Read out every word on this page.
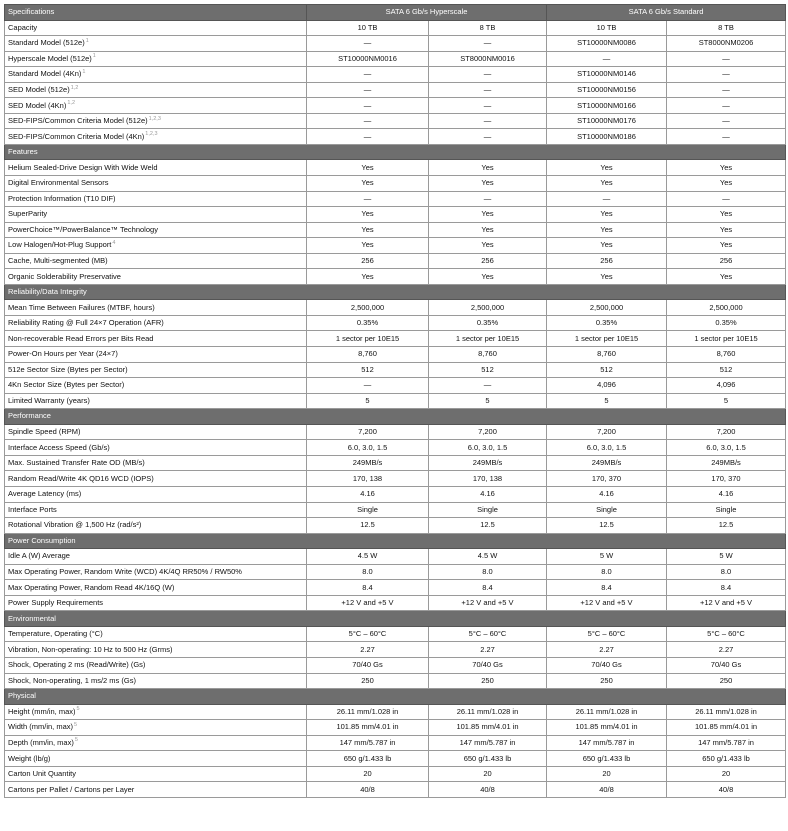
Specifications	SATA 6 Gb/s Hyperscale		SATA 6 Gb/s Standard	
Capacity	10 TB	8 TB	10 TB	8 TB
Standard Model $(512e)^1$	—	—	ST10000NM0086	ST8000NM0206
Hyperscale Model $(512e)^1$	ST10000NM0016	ST8000NM0016	—	—
Standard Model $(4Kn)^1$	—	—	ST10000NM0146	—
SED Model $(512e)^{1,2}$	—	—	ST10000NM0156	—
SED Model $(4Kn)^{1,2}$	—	—	ST10000NM0166	—
SED-FIPS/Common Criteria Model $(512e)^{1,2,3}$	—	—	ST10000NM0176	—
SED-FIPS/Common Criteria Model $(4Kn)^{1,2,3}$	—	—	ST10000NM0186	—
Features				
Helium Sealed-Drive Design With Wide Weld	Yes	Yes	Yes	Yes
Digital Environmental Sensors	Yes	Yes	Yes	Yes
Protection Information (T10 DIF)	—	—	—	—
SuperParity	Yes	Yes	Yes	Yes
PowerChoice™/PowerBalance™ Technology	Yes	Yes	Yes	Yes
Low Halogen/Hot-Plug Support$^4$	Yes	Yes	Yes	Yes
Cache, Multi-segmented (MB)	256	256	256	256
Organic Solderability Preservative	Yes	Yes	Yes	Yes
Reliability/Data Integrity				
Mean Time Between Failures (MTBF, hours)	2,500,000	2,500,000	2,500,000	2,500,000
Reliability Rating @ Full 24×7 Operation (AFR)	0.35%	0.35%	0.35%	0.35%
Non-recoverable Read Errors per Bits Read	1 sector per 10E15	1 sector per 10E15	1 sector per 10E15	1 sector per 10E15
Power-On Hours per Year (24×7)	8,760	8,760	8,760	8,760
512e Sector Size (Bytes per Sector)	512	512	512	512
4Kn Sector Size (Bytes per Sector)	—	—	4,096	4,096
Limited Warranty (years)	5	5	5	5
Performance				
Spindle Speed (RPM)	7,200	7,200	7,200	7,200
Interface Access Speed (Gb/s)	6.0, 3.0, 1.5	6.0, 3.0, 1.5	6.0, 3.0, 1.5	6.0, 3.0, 1.5
Max. Sustained Transfer Rate OD (MB/s)	249MB/s	249MB/s	249MB/s	249MB/s
Random Read/Write 4K QD16 WCD (IOPS)	170, 138	170, 138	170, 370	170, 370
Average Latency (ms)	4.16	4.16	4.16	4.16
Interface Ports	Single	Single	Single	Single
Rotational Vibration @ 1,500 Hz (rad/s²)	12.5	12.5	12.5	12.5
Power Consumption				
Idle A (W) Average	4.5 W	4.5 W	5 W	5 W
Max Operating Power, Random Write (WCD) 4K/4Q RR50% / RW50%	8.0	8.0	8.0	8.0
Max Operating Power, Random Read 4K/16Q (W)	8.4	8.4	8.4	8.4
Power Supply Requirements	+12 V and +5 V	+12 V and +5 V	+12 V and +5 V	+12 V and +5 V
Environmental				
Temperature, Operating (°C)	5°C – 60°C	5°C – 60°C	5°C – 60°C	5°C – 60°C
Vibration, Non-operating: 10 Hz to 500 Hz (Grms)	2.27	2.27	2.27	2.27
Shock, Operating 2 ms (Read/Write) (Gs)	70/40 Gs	70/40 Gs	70/40 Gs	70/40 Gs
Shock, Non-operating, 1 ms/2 ms (Gs)	250	250	250	250
Physical				
Height (mm/in, max)$^5$	26.11 mm/1.028 in	26.11 mm/1.028 in	26.11 mm/1.028 in	26.11 mm/1.028 in
Width (mm/in, max)$^5$	101.85 mm/4.01 in	101.85 mm/4.01 in	101.85 mm/4.01 in	101.85 mm/4.01 in
Depth (mm/in, max)$^5$	147 mm/5.787 in	147 mm/5.787 in	147 mm/5.787 in	147 mm/5.787 in
Weight (lb/g)	650 g/1.433 lb	650 g/1.433 lb	650 g/1.433 lb	650 g/1.433 lb
Carton Unit Quantity	20	20	20	20
Cartons per Pallet / Cartons per Layer	40/8	40/8	40/8	40/8
